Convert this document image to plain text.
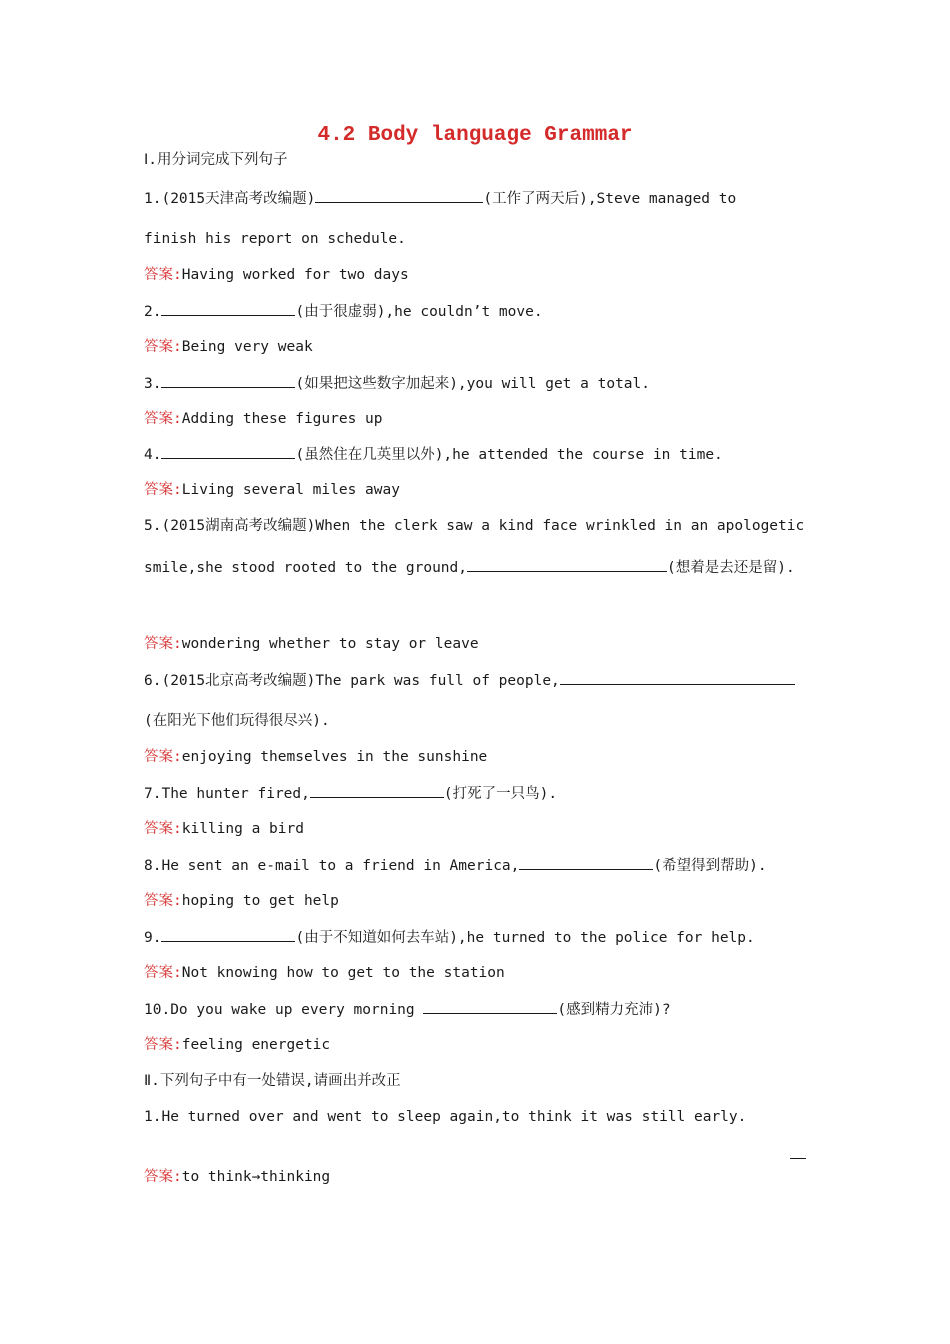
4.2 Body language Grammar
Ⅰ.用分词完成下列句子
1.(2015天津高考改编题)	(工作了两天后),Steve managed to
finish his report on schedule.
答案:Having worked for two days
2.	(由于很虚弱),he couldn’t move.
答案:Being very weak
3.	(如果把这些数字加起来),you will get a total.
答案:Adding these figures up
4.	(虽然住在几英里以外),he attended the course in time.
答案:Living several miles away
5.(2015湖南高考改编题)When the clerk saw a kind face wrinkled in an apologetic
smile,she stood rooted to the ground,	(想着是去还是留).
答案:wondering whether to stay or leave
6.(2015北京高考改编题)The park was full of people,
(在阳光下他们玩得很尽兴).
答案:enjoying themselves in the sunshine
7.The hunter fired,	(打死了一只鸟).
答案:killing a bird
8.He sent an e-mail to a friend in America,	(希望得到帮助).
答案:hoping to get help
9.	(由于不知道如何去车站),he turned to the police for help.
答案:Not knowing how to get to the station
10.Do you wake up every morning	(感到精力充沛)?
答案:feeling energetic
Ⅱ.下列句子中有一处错误,请画出并改正
1.He turned over and went to sleep again,to think it was still early.
答案:to think→thinking
